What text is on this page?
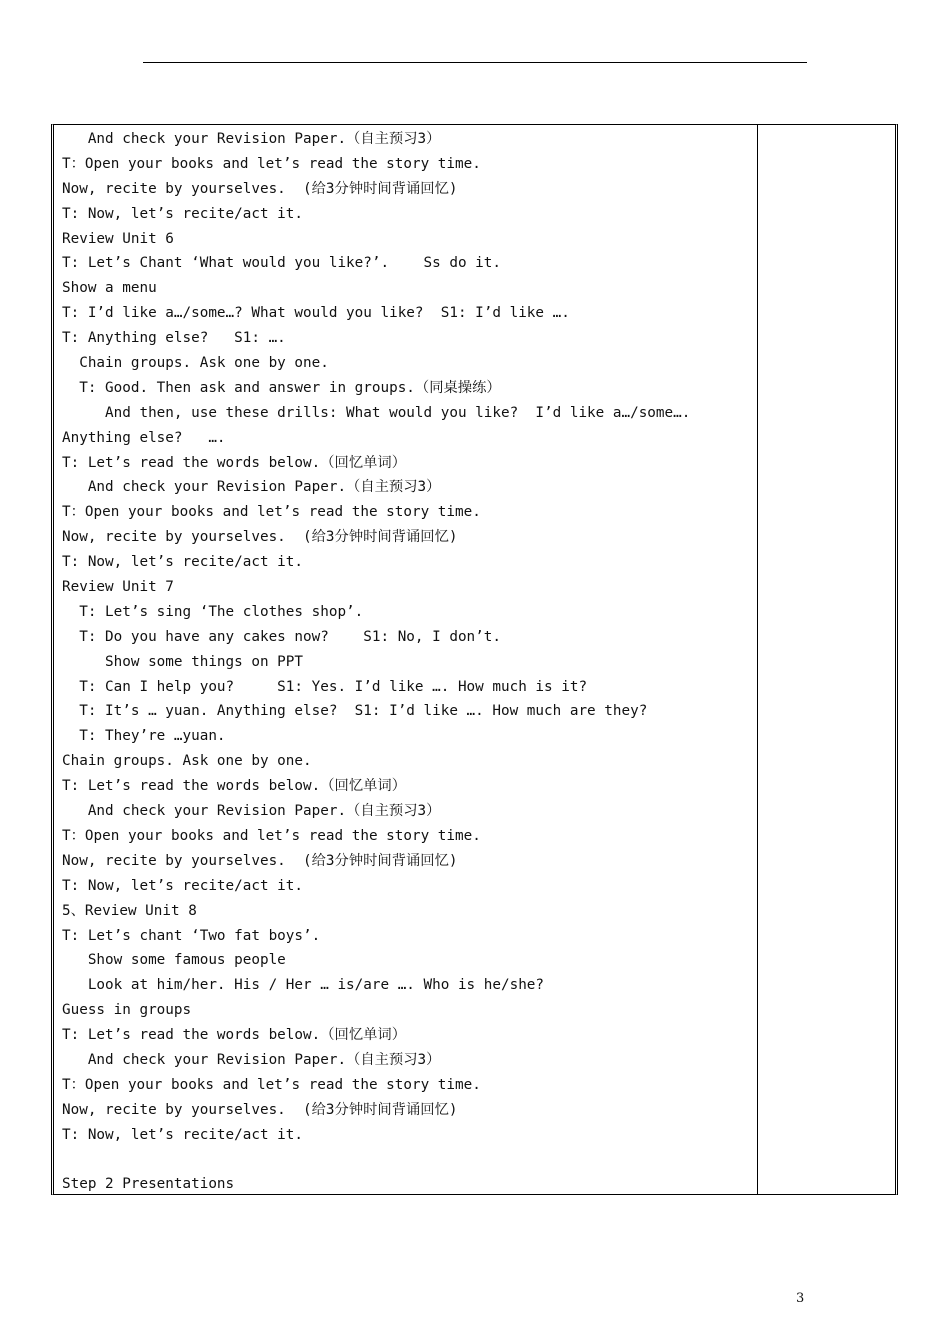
And check your Revision Paper.（自主预习3）
T：Open your books and let’s read the story time.
Now, recite by yourselves.  (给3分钟时间背诵回忆)
T: Now, let’s recite/act it.
Review Unit 6
T: Let’s Chant ‘What would you like?’.    Ss do it.
Show a menu
T: I’d like a…/some…? What would you like?  S1: I’d like ….
T: Anything else?   S1: ….
Chain groups. Ask one by one.
T: Good. Then ask and answer in groups.（同桌操练）
And then, use these drills: What would you like?  I’d like a…/some….
Anything else?   ….
T: Let’s read the words below.（回忆单词）
And check your Revision Paper.（自主预习3）
T：Open your books and let’s read the story time.
Now, recite by yourselves.  (给3分钟时间背诵回忆)
T: Now, let’s recite/act it.
Review Unit 7
T: Let’s sing ‘The clothes shop’.
T: Do you have any cakes now?    S1: No, I don’t.
Show some things on PPT
T: Can I help you?     S1: Yes. I’d like …. How much is it?
T: It’s … yuan. Anything else?  S1: I’d like …. How much are they?
T: They’re …yuan.
Chain groups. Ask one by one.
T: Let’s read the words below.（回忆单词）
And check your Revision Paper.（自主预习3）
T：Open your books and let’s read the story time.
Now, recite by yourselves.  (给3分钟时间背诵回忆)
T: Now, let’s recite/act it.
5、Review Unit 8
T: Let’s chant ‘Two fat boys’.
Show some famous people
Look at him/her. His / Her … is/are …. Who is he/she?
Guess in groups
T: Let’s read the words below.（回忆单词）
And check your Revision Paper.（自主预习3）
T：Open your books and let’s read the story time.
Now, recite by yourselves.  (给3分钟时间背诵回忆)
T: Now, let’s recite/act it.
Step 2 Presentations
3
